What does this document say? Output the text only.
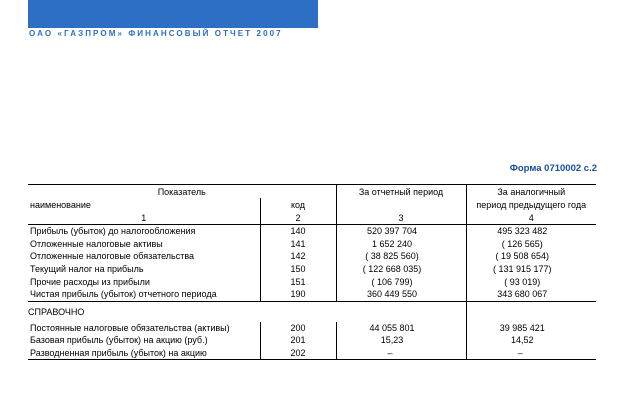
ОАО «ГАЗПРОМ» ФИНАНСОВЫЙ ОТЧЕТ 2007
Форма 0710002 с.2
Показатель		За отчетный период	За аналогичный
наименование	код		период предыдущего года
1	2	3	4
Прибыль (убыток) до налогообложения	140	520 397 704	495 323 482
Отложенные налоговые активы	141	1 652 240	( 126 565)
Отложенные налоговые обязательства	142	( 38 825 560)	( 19 508 654)
Текущий налог на прибыль	150	( 122 668 035)	( 131 915 177)
Прочие расходы из прибыли	151	( 106 799)	( 93 019)
Чистая прибыль (убыток) отчетного периода	190	360 449 550	343 680 067
СПРАВОЧНО			
Постоянные налоговые обязательства (активы)	200	44 055 801	39 985 421
Базовая прибыль (убыток) на акцию (руб.)	201	15,23	14,52
Разводненная прибыль (убыток) на акцию	202	–	–
